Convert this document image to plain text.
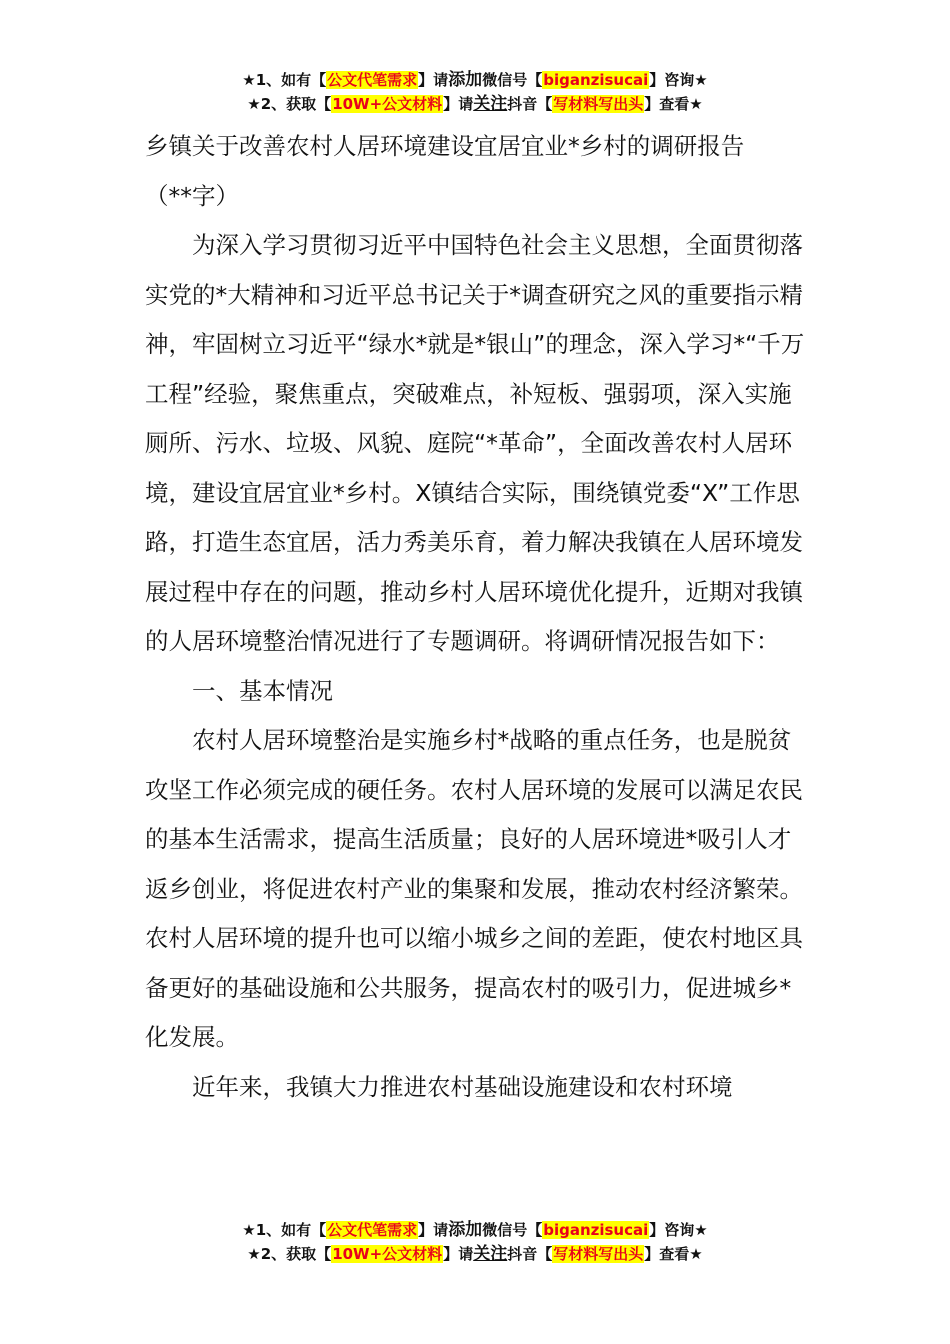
★1、如有【公文代笔需求】请添加微信号【biganzisucai】咨询★
★2、获取【10W+公文材料】请关注抖音【写材料写出头】查看★

乡镇关于改善农村人居环境建设宜居宜业*乡村的调研报告

（**字）

为深入学习贯彻习近平中国特色社会主义思想，全面贯彻落实党的*大精神和习近平总书记关于*调查研究之风的重要指示精神，牢固树立习近平“绿水*就是*银山”的理念，深入学习*“千万工程”经验，聚焦重点，突破难点，补短板、强弱项，深入实施厕所、污水、垃圾、风貌、庭院“*革命”，全面改善农村人居环境，建设宜居宜业*乡村。X镇结合实际，围绕镇党委“X”工作思路，打造生态宜居，活力秀美乐育，着力解决我镇在人居环境发展过程中存在的问题，推动乡村人居环境优化提升，近期对我镇的人居环境整治情况进行了专题调研。将调研情况报告如下：

一、基本情况

农村人居环境整治是实施乡村*战略的重点任务，也是脱贫攻坚工作必须完成的硬任务。农村人居环境的发展可以满足农民的基本生活需求，提高生活质量；良好的人居环境进*吸引人才返乡创业，将促进农村产业的集聚和发展，推动农村经济繁荣。农村人居环境的提升也可以缩小城乡之间的差距，使农村地区具备更好的基础设施和公共服务，提高农村的吸引力，促进城乡*化发展。

近年来，我镇大力推进农村基础设施建设和农村环境

★1、如有【公文代笔需求】请添加微信号【biganzisucai】咨询★
★2、获取【10W+公文材料】请关注抖音【写材料写出头】查看★
